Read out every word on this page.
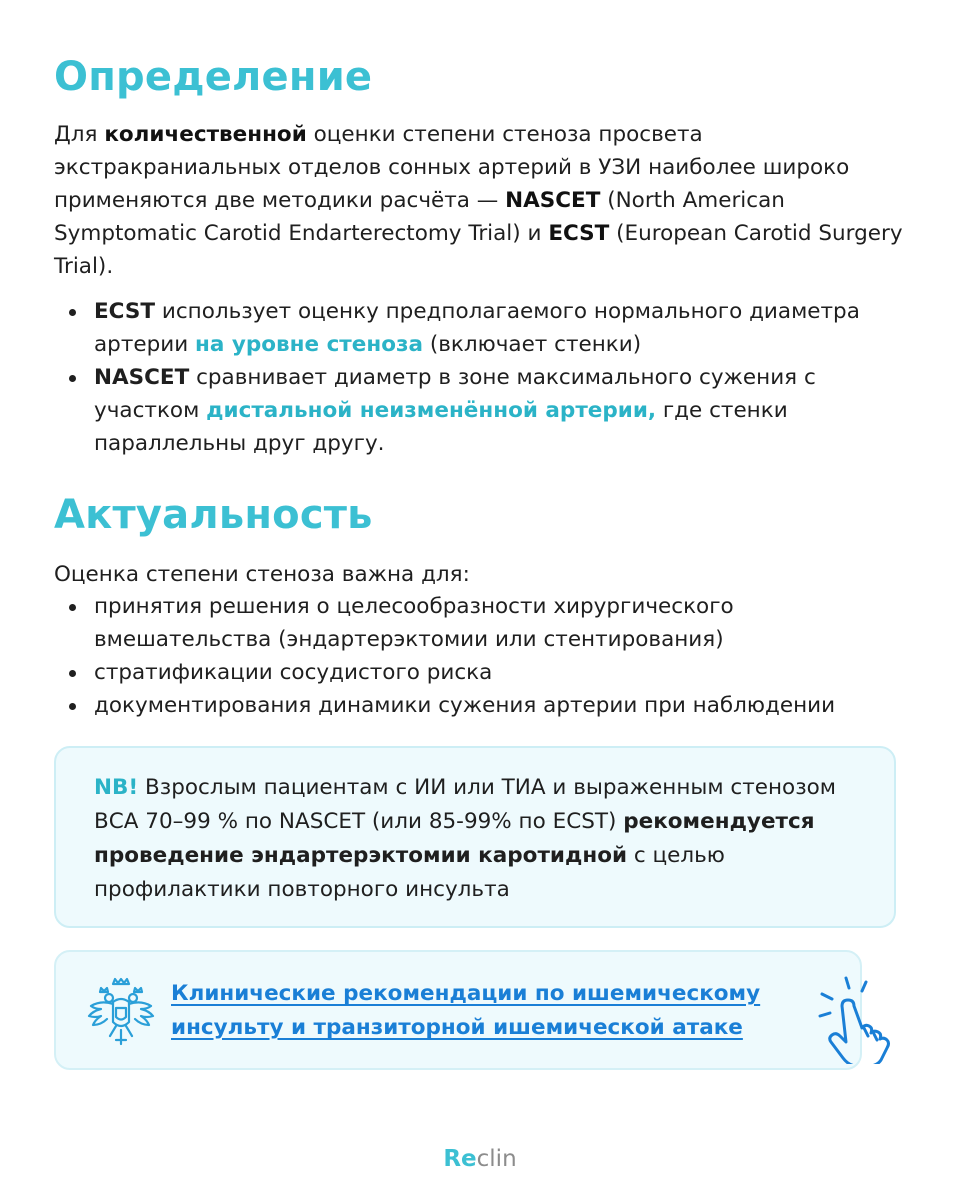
Определение

Для количественной оценки степени стеноза просвета экстракраниальных отделов сонных артерий в УЗИ наиболее широко применяются две методики расчёта — NASCET (North American Symptomatic Carotid Endarterectomy Trial) и ECST (European Carotid Surgery Trial).

ECST использует оценку предполагаемого нормального диаметра артерии на уровне стеноза (включает стенки)
NASCET сравнивает диаметр в зоне максимального сужения с участком дистальной неизменённой артерии, где стенки параллельны друг другу.
Актуальность

Оценка степени стеноза важна для:

принятия решения о целесообразности хирургического вмешательства (эндартерэктомии или стентирования)
стратификации сосудистого риска
документирования динамики сужения артерии при наблюдении

NB! Взрослым пациентам с ИИ или ТИА и выраженным стенозом ВСА 70–99 % по NASCET (или 85-99% по ECST) рекомендуется проведение эндартерэктомии каротидной с целью профилактики повторного инсульта

Клинические рекомендации по ишемическому инсульту и транзиторной ишемической атаке

Reclin
